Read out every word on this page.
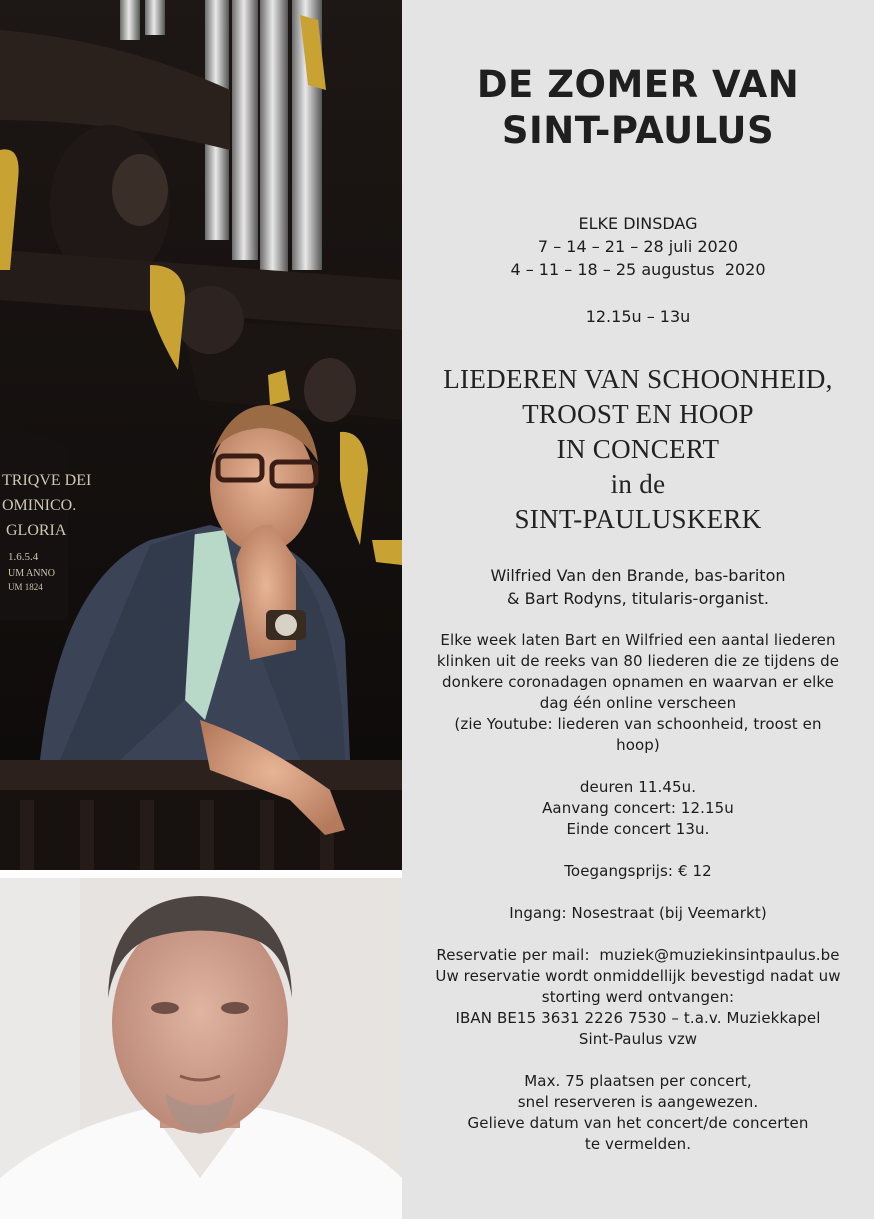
TRIQVE DEI
OMINICO.
GLORIA
1.6.5.4
UM ANNO
UM 1824
DE ZOMER VAN
SINT-PAULUS
ELKE DINSDAG
7 – 14 – 21 – 28 juli 2020
4 – 11 – 18 – 25 augustus  2020
12.15u – 13u
LIEDEREN VAN SCHOONHEID,
TROOST EN HOOP
IN CONCERT
in de
SINT-PAULUSKERK
Wilfried Van den Brande, bas-bariton
& Bart Rodyns, titularis-organist.
Elke week laten Bart en Wilfried een aantal liederen
klinken uit de reeks van 80 liederen die ze tijdens de
donkere coronadagen opnamen en waarvan er elke
dag één online verscheen
(zie Youtube: liederen van schoonheid, troost en
hoop)
deuren 11.45u.
Aanvang concert: 12.15u
Einde concert 13u.
Toegangsprijs: € 12
Ingang: Nosestraat (bij Veemarkt)
Reservatie per mail:  muziek@muziekinsintpaulus.be
Uw reservatie wordt onmiddellijk bevestigd nadat uw
storting werd ontvangen:
IBAN BE15 3631 2226 7530 – t.a.v. Muziekkapel
Sint-Paulus vzw
Max. 75 plaatsen per concert,
snel reserveren is aangewezen.
Gelieve datum van het concert/de concerten
te vermelden.
